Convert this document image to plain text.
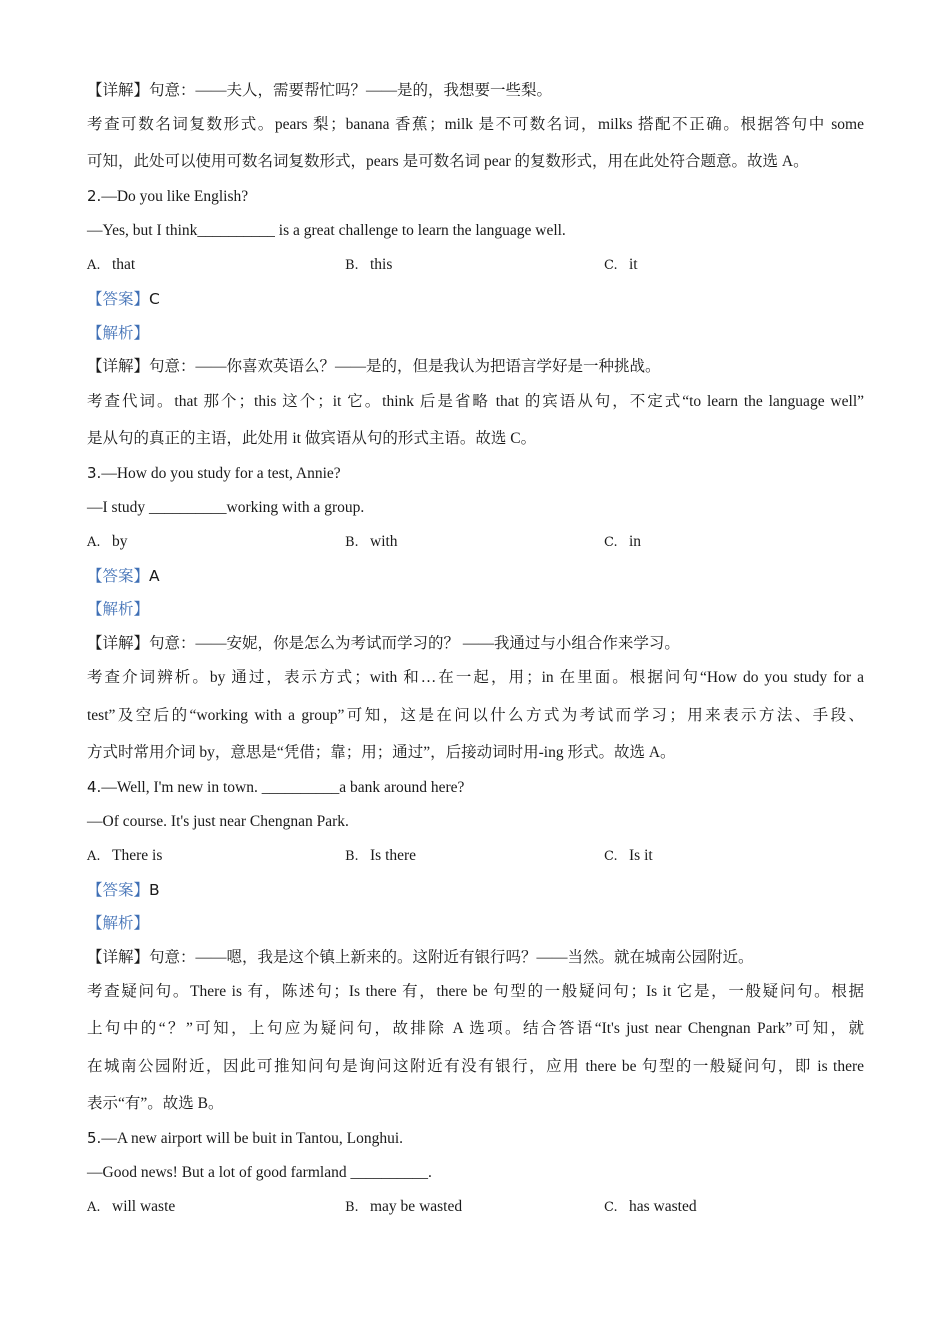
【详解】句意：——夫人，需要帮忙吗？——是的，我想要一些梨。
考查可数名词复数形式。pears 梨；banana 香蕉；milk 是不可数名词，milks 搭配不正确。根据答句中 some
可知，此处可以使用可数名词复数形式，pears 是可数名词 pear 的复数形式，用在此处符合题意。故选 A。
2.—Do you like English?
—Yes, but I think__________ is a great challenge to learn the language well.
A. that	B. this	C. it
【答案】C
【解析】
【详解】句意：——你喜欢英语么？——是的，但是我认为把语言学好是一种挑战。
考查代词。that 那个；this 这个；it 它。think 后是省略 that 的宾语从句，不定式“to learn the language well”
是从句的真正的主语，此处用 it 做宾语从句的形式主语。故选 C。
3.—How do you study for a test, Annie?
—I study __________working with a group.
A. by	B. with	C. in
【答案】A
【解析】
【详解】句意：——安妮，你是怎么为考试而学习的？ ——我通过与小组合作来学习。
考查介词辨析。by 通过，表示方式；with 和…在一起，用；in 在里面。根据问句“How do you study for a
test”及空后的“working with a group”可知，这是在问以什么方式为考试而学习；用来表示方法、手段、
方式时常用介词 by，意思是“凭借；靠；用；通过”，后接动词时用-ing 形式。故选 A。
4.—Well, I'm new in town. __________a bank around here?
—Of course. It's just near Chengnan Park.
A. There is	B. Is there	C. Is it
【答案】B
【解析】
【详解】句意：——嗯，我是这个镇上新来的。这附近有银行吗？——当然。就在城南公园附近。
考查疑问句。There is 有，陈述句；Is there 有，there be 句型的一般疑问句；Is it 它是，一般疑问句。根据
上句中的“？”可知，上句应为疑问句，故排除 A 选项。结合答语“It's just near Chengnan Park”可知，就
在城南公园附近，因此可推知问句是询问这附近有没有银行，应用 there be 句型的一般疑问句，即 is there
表示“有”。故选 B。
5.—A new airport will be buit in Tantou, Longhui.
—Good news! But a lot of good farmland __________.
A. will waste	B. may be wasted	C. has wasted
